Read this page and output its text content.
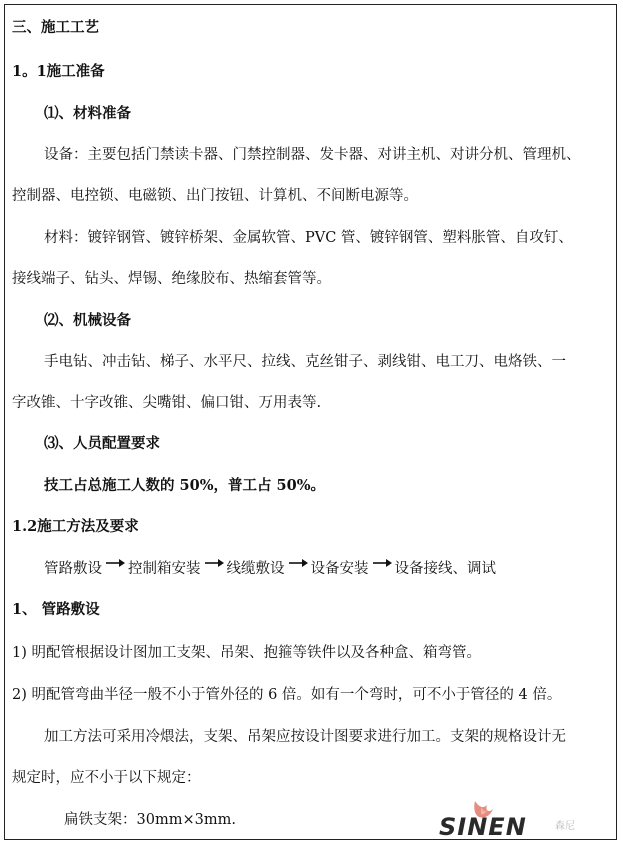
三、施工工艺
1。1施工准备
⑴、材料准备
设备：主要包括门禁读卡器、门禁控制器、发卡器、对讲主机、对讲分机、管理机、
控制器、电控锁、电磁锁、出门按钮、计算机、不间断电源等。
材料：镀锌钢管、镀锌桥架、金属软管、PVC 管、镀锌钢管、塑料胀管、自攻钉、
接线端子、钻头、焊锡、绝缘胶布、热缩套管等。
⑵、机械设备
手电钻、冲击钻、梯子、水平尺、拉线、克丝钳子、剥线钳、电工刀、电烙铁、一
字改锥、十字改锥、尖嘴钳、偏口钳、万用表等.
⑶、人员配置要求
技工占总施工人数的 50%，普工占 50%。
1.2施工方法及要求
管路敷设 控制箱安装 线缆敷设 设备安装 设备接线、调试
1、 管路敷设
1) 明配管根据设计图加工支架、吊架、抱箍等铁件以及各种盒、箱弯管。
2) 明配管弯曲半径一般不小于管外径的 6 倍。如有一个弯时，可不小于管径的 4 倍。
加工方法可采用冷煨法，支架、吊架应按设计图要求进行加工。支架的规格设计无
规定时，应不小于以下规定：
扁铁支架：30mm×3mm.	SINEN	森尼
